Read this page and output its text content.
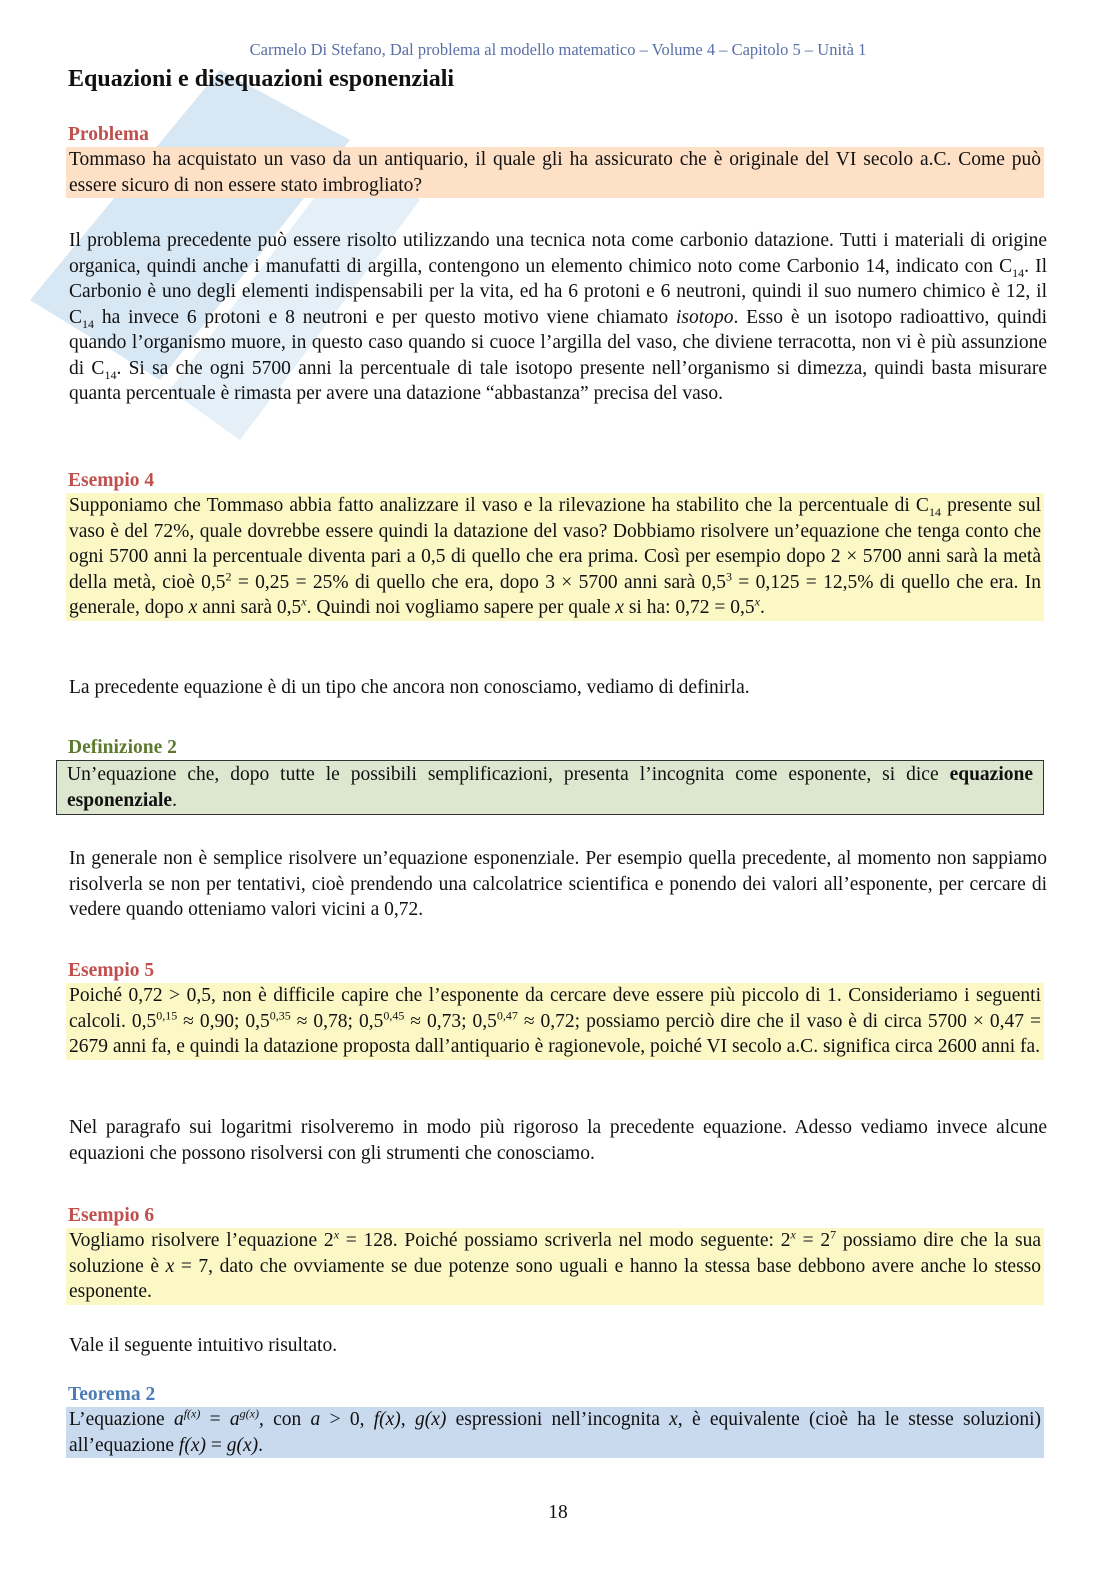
Carmelo Di Stefano, Dal problema al modello matematico – Volume 4 – Capitolo 5 – Unità 1
Equazioni e disequazioni esponenziali
Problema
Tommaso ha acquistato un vaso da un antiquario, il quale gli ha assicurato che è originale del VI secolo a.C. Come può essere sicuro di non essere stato imbrogliato?
Il problema precedente può essere risolto utilizzando una tecnica nota come carbonio datazione. Tutti i materiali di origine organica, quindi anche i manufatti di argilla, contengono un elemento chimico noto come Carbonio 14, indicato con $C_{14}$. Il Carbonio è uno degli elementi indispensabili per la vita, ed ha 6 protoni e 6 neutroni, quindi il suo numero chimico è 12, il $C_{14}$ ha invece 6 protoni e 8 neutroni e per questo motivo viene chiamato isotopo. Esso è un isotopo radioattivo, quindi quando l’organismo muore, in questo caso quando si cuoce l’argilla del vaso, che diviene terracotta, non vi è più assunzione di $C_{14}$. Si sa che ogni 5700 anni la percentuale di tale isotopo presente nell’organismo si dimezza, quindi basta misurare quanta percentuale è rimasta per avere una datazione “abbastanza” precisa del vaso.
Esempio 4
Supponiamo che Tommaso abbia fatto analizzare il vaso e la rilevazione ha stabilito che la percentuale di $C_{14}$ presente sul vaso è del 72%, quale dovrebbe essere quindi la datazione del vaso? Dobbiamo risolvere un’equazione che tenga conto che ogni 5700 anni la percentuale diventa pari a 0,5 di quello che era prima. Così per esempio dopo 2 × 5700 anni sarà la metà della metà, cioè $0,5^2 = 0,25 = 25\%$ di quello che era, dopo 3 × 5700 anni sarà $0,5^3 = 0,125 = 12,5\%$ di quello che era. In generale, dopo x anni sarà 0,5$^x$. Quindi noi vogliamo sapere per quale x si ha: $0,72 = 0,5^x$.
La precedente equazione è di un tipo che ancora non conosciamo, vediamo di definirla.
Definizione 2
Un’equazione che, dopo tutte le possibili semplificazioni, presenta l’incognita come esponente, si dice equazione esponenziale.
In generale non è semplice risolvere un’equazione esponenziale. Per esempio quella precedente, al momento non sappiamo risolverla se non per tentativi, cioè prendendo una calcolatrice scientifica e ponendo dei valori all’esponente, per cercare di vedere quando otteniamo valori vicini a 0,72.
Esempio 5
Poiché 0,72 > 0,5, non è difficile capire che l’esponente da cercare deve essere più piccolo di 1. Consideriamo i seguenti calcoli. $0,5^{0,15} \approx 0,90$; $0,5^{0,35} \approx 0,78$; $0,5^{0,45} \approx 0,73$; $0,5^{0,47} \approx 0,72$; possiamo perciò dire che il vaso è di circa 5700 × 0,47 = 2679 anni fa, e quindi la datazione proposta dall’antiquario è ragionevole, poiché VI secolo a.C. significa circa 2600 anni fa.
Nel paragrafo sui logaritmi risolveremo in modo più rigoroso la precedente equazione. Adesso vediamo invece alcune equazioni che possono risolversi con gli strumenti che conosciamo.
Esempio 6
Vogliamo risolvere l’equazione $2^x = 128$. Poiché possiamo scriverla nel modo seguente: $2^x = 2^7$ possiamo dire che la sua soluzione è x = 7, dato che ovviamente se due potenze sono uguali e hanno la stessa base debbono avere anche lo stesso esponente.
Vale il seguente intuitivo risultato.
Teorema 2
L’equazione $a^{f(x)} = a^{g(x)}$, con a > 0, f(x), g(x) espressioni nell’incognita x, è equivalente (cioè ha le stesse soluzioni) all’equazione f(x) = g(x).
18
